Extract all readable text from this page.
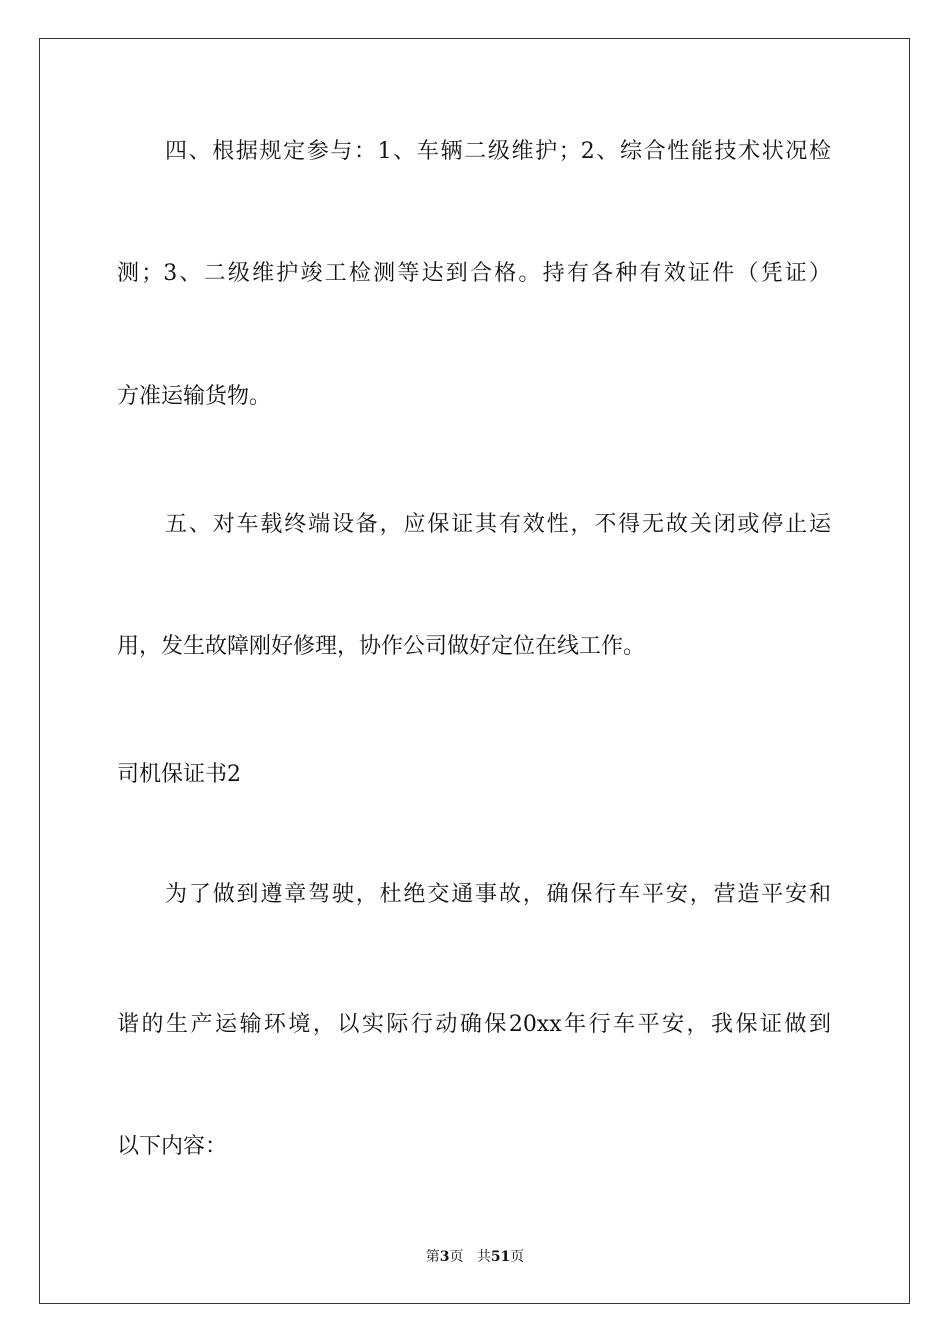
四、根据规定参与：1、车辆二级维护；2、综合性能技术状况检
测；3、二级维护竣工检测等达到合格。持有各种有效证件（凭证）
方准运输货物。
五、对车载终端设备，应保证其有效性，不得无故关闭或停止运
用，发生故障刚好修理，协作公司做好定位在线工作。
司机保证书2
为了做到遵章驾驶，杜绝交通事故，确保行车平安，营造平安和
谐的生产运输环境，以实际行动确保20xx年行车平安，我保证做到
以下内容：
第3页 共51页
